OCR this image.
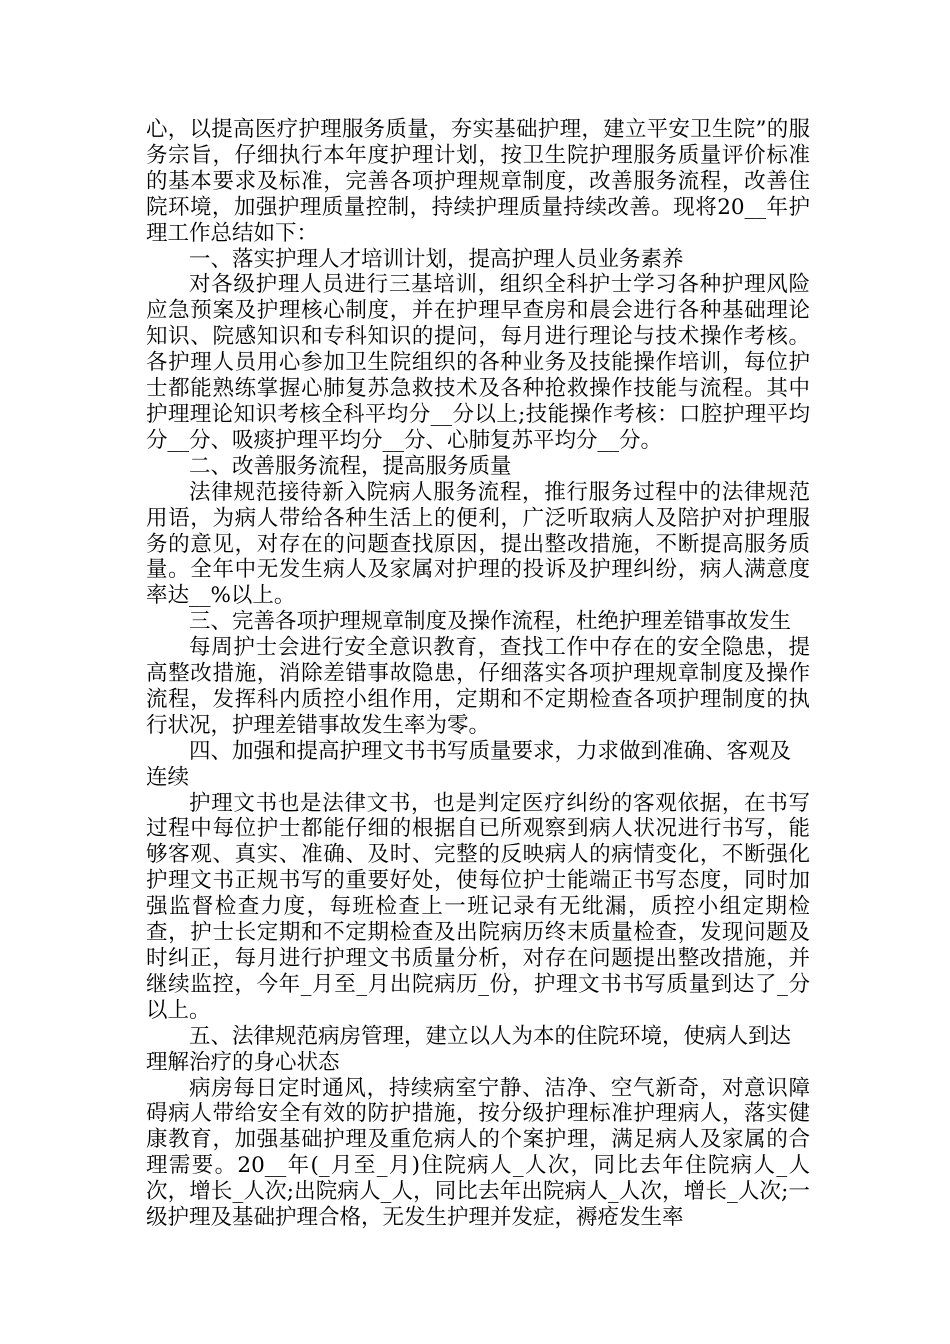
心，以提高医疗护理服务质量，夯实基础护理，建立平安卫生院”的服务宗旨，仔细执行本年度护理计划，按卫生院护理服务质量评价标准的基本要求及标准，完善各项护理规章制度，改善服务流程，改善住院环境，加强护理质量控制，持续护理质量持续改善。现将20__年护理工作总结如下：

一、落实护理人才培训计划，提高护理人员业务素养

对各级护理人员进行三基培训，组织全科护士学习各种护理风险应急预案及护理核心制度，并在护理早查房和晨会进行各种基础理论知识、院感知识和专科知识的提问，每月进行理论与技术操作考核。各护理人员用心参加卫生院组织的各种业务及技能操作培训，每位护士都能熟练掌握心肺复苏急救技术及各种抢救操作技能与流程。其中护理理论知识考核全科平均分__分以上;技能操作考核：口腔护理平均分__分、吸痰护理平均分__分、心肺复苏平均分__分。

二、改善服务流程，提高服务质量

法律规范接待新入院病人服务流程，推行服务过程中的法律规范用语，为病人带给各种生活上的便利，广泛听取病人及陪护对护理服务的意见，对存在的问题查找原因，提出整改措施，不断提高服务质量。全年中无发生病人及家属对护理的投诉及护理纠纷，病人满意度率达__%以上。

三、完善各项护理规章制度及操作流程，杜绝护理差错事故发生

每周护士会进行安全意识教育，查找工作中存在的安全隐患，提高整改措施，消除差错事故隐患，仔细落实各项护理规章制度及操作流程，发挥科内质控小组作用，定期和不定期检查各项护理制度的执行状况，护理差错事故发生率为零。

四、加强和提高护理文书书写质量要求，力求做到准确、客观及连续

护理文书也是法律文书，也是判定医疗纠纷的客观依据，在书写过程中每位护士都能仔细的根据自已所观察到病人状况进行书写，能够客观、真实、准确、及时、完整的反映病人的病情变化，不断强化护理文书正规书写的重要好处，使每位护士能端正书写态度，同时加强监督检查力度，每班检查上一班记录有无纰漏，质控小组定期检查，护士长定期和不定期检查及出院病历终末质量检查，发现问题及时纠正，每月进行护理文书质量分析，对存在问题提出整改措施，并继续监控，今年_月至_月出院病历_份，护理文书书写质量到达了_分以上。

五、法律规范病房管理，建立以人为本的住院环境，使病人到达理解治疗的身心状态

病房每日定时通风，持续病室宁静、洁净、空气新奇，对意识障碍病人带给安全有效的防护措施，按分级护理标准护理病人，落实健康教育，加强基础护理及重危病人的个案护理，满足病人及家属的合理需要。20__年(_月至_月)住院病人_人次，同比去年住院病人_人次，增长_人次;出院病人_人，同比去年出院病人_人次，增长_人次;一级护理及基础护理合格，无发生护理并发症，褥疮发生率
